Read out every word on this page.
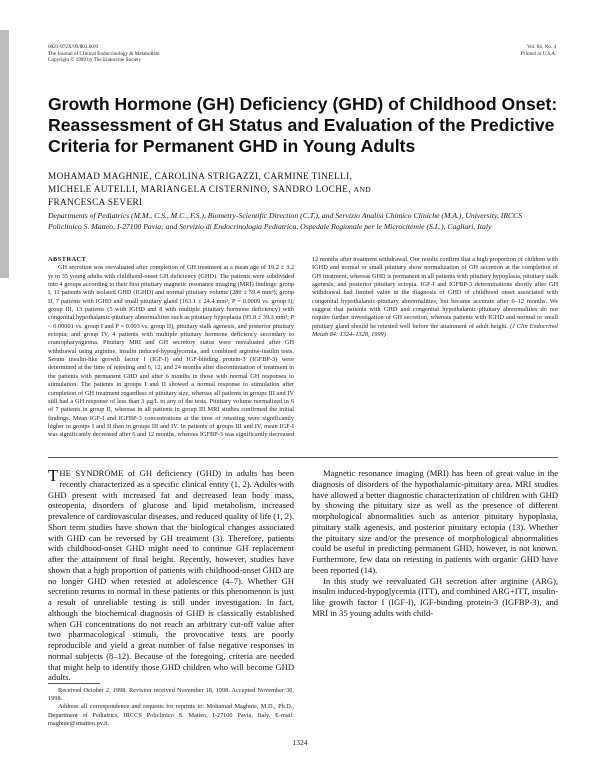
0021-972X/99/$03.00/0
The Journal of Clinical Endocrinology & Metabolism
Copyright © 1999 by The Endocrine Society
Vol. 84, No. 4
Printed in U.S.A.
Growth Hormone (GH) Deficiency (GHD) of Childhood Onset: Reassessment of GH Status and Evaluation of the Predictive Criteria for Permanent GHD in Young Adults
MOHAMAD MAGHNIE, CAROLINA STRIGAZZI, CARMINE TINELLI,
MICHELE AUTELLI, MARIANGELA CISTERNINO, SANDRO LOCHE, AND
FRANCESCA SEVERI
Departments of Pediatrics (M.M., C.S., M.C., F.S.), Biometry-Scientific Direction (C.T.), and Servizio Analisi Chimico Cliniche (M.A.), University, IRCCS Policlinico S. Matteo, I-27100 Pavia; and Servizio di Endocrinologia Pediatrica, Ospedale Regionale per le Microcitemie (S.L.), Cagliari, Italy
ABSTRACT

GH secretion was reevaluated after completion of GH treatment at a mean age of 19.2 ± 3.2 yr in 35 young adults with childhood-onset GH deficiency (GHD). The patients were subdivided into 4 groups according to their first pituitary magnetic resonance imaging (MRI) findings: group I, 11 patients with isolated GHD (IGHD) and normal pituitary volume (280 ± 59.4 mm³); group II, 7 patients with IGHD and small pituitary gland (163.1 ± 24.4 mm³; P = 0.0009 vs. group I); group III, 13 patients (5 with IGHD and 8 with multiple pituitary hormone deficiency) with congenital hypothalamic-pituitary abnormalities such as pituitary hypoplasia (95.8 ± 39.3 mm³; P < 0.00001 vs. group I and P = 0.003 vs. group II), pituitary stalk agenesis, and posterior pituitary ectopia; and group IV, 4 patients with multiple pituitary hormone deficiency secondary to craniopharyngioma. Pituitary MRI and GH secretory status were reevaluated after GH withdrawal using arginine, insulin induced-hypoglycemia, and combined arginine-insulin tests. Serum insulin-like growth factor I (IGF-I) and IGF-binding protein-3 (IGFBP-3) were determined at the time of retesting and 6, 12, and 24 months after discontinuation of treatment in the patients with permanent GHD and after 6 months in those with normal GH responses to stimulation. The patients in groups I and II showed a normal response to stimulation after completion of GH treatment regardless of pituitary size, whereas all patients in groups III and IV still had a GH response of less than 3 µg/L to any of the tests. Pituitary volume normalized in 6 of 7 patients in group II, whereas in all patients in group III MRI studies confirmed the initial findings. Mean IGF-I and IGFBP-3 concentrations at the time of retesting were significantly higher in groups I and II than in groups III and IV. In patients of groups III and IV, mean IGF-I was significantly decreased after 6 and 12 months, whereas IGFBP-3 was significantly decreased 12 months after treatment withdrawal. Our results confirm that a high proportion of children with IGHD and normal or small pituitary show normalization of GH secretion at the completion of GH treatment, whereas GHD is permanent in all patients with pituitary hypoplasia, pituitary stalk agenesis, and posterior pituitary ectopia. IGF-I and IGFBP-3 determinations shortly after GH withdrawal had limited value in the diagnosis of GHD of childhood onset associated with congenital hypothalamic-pituitary abnormalities, but became accurate after 6–12 months. We suggest that patients with GHD and congenital hypothalamic-pituitary abnormalities do not require further investigation of GH secretion, whereas patients with IGHD and normal or small pituitary gland should be retested well before the attainment of adult height. (J Clin Endocrinol Metab 84: 1324–1328, 1999)

THE SYNDROME of GH deficiency (GHD) in adults has been recently characterized as a specific clinical entity (1, 2). Adults with GHD present with increased fat and decreased lean body mass, osteopenia, disorders of glucose and lipid metabolism, increased prevalence of cardiovascular diseases, and reduced quality of life (1, 2). Short term studies have shown that the biological changes associated with GHD can be reversed by GH treatment (3). Therefore, patients with childhood-onset GHD might need to continue GH replacement after the attainment of final height. Recently, however, studies have shown that a high proportion of patients with childhood-onset GHD are no longer GHD when retested at adolescence (4–7). Whether GH secretion returns to normal in these patients or this phenomenon is just a result of unreliable testing is still under investigation. In fact, although the biochemical diagnosis of GHD is classically established when GH concentrations do not reach an arbitrary cut-off value after two pharmacological stimuli, the provocative tests are poorly reproducible and yield a great number of false negative responses in normal subjects (8–12). Because of the foregoing, criteria are needed that might help to identify those GHD children who will become GHD adults.

Magnetic resonance imaging (MRI) has been of great value in the diagnosis of disorders of the hypothalamic-pituitary area. MRI studies have allowed a better diagnostic characterization of children with GHD by showing the pituitary size as well as the presence of different morphological abnormalities such as anterior pituitary hypoplasia, pituitary stalk agenesis, and posterior pituitary ectopia (13). Whether the pituitary size and/or the presence of morphological abnormalities could be useful in predicting permanent GHD, however, is not known. Furthermore, few data on retesting in patients with organic GHD have been reported (14).

In this study we reevaluated GH secretion after arginine (ARG), insulin induced-hypoglycemia (ITT), and combined ARG+ITT, insulin-like growth factor I (IGF-I), IGF-binding protein-3 (IGFBP-3), and MRI in 35 young adults with child-

Received October 2, 1998. Revision received November 18, 1998. Accepted November 30, 1998.

Address all correspondence and requests for reprints to: Mohamad Maghnie, M.D., Ph.D., Department of Pediatrics, IRCCS Policlinico S. Matteo, I-27100 Pavia, Italy. E-mail: maghnie@smatteo.pv.it.

1324
